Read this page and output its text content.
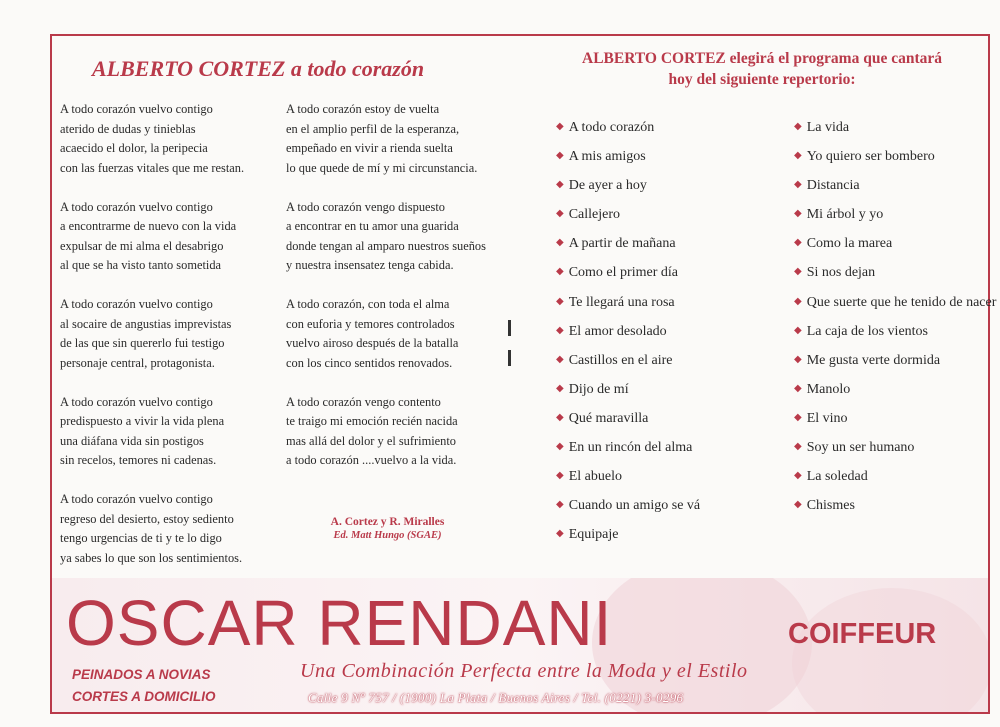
ALBERTO CORTEZ a todo corazón
A todo corazón vuelvo contigo
aterido de dudas y tinieblas
acaecido el dolor, la peripecia
con las fuerzas vitales que me restan.
A todo corazón vuelvo contigo
a encontrarme de nuevo con la vida
expulsar de mi alma el desabrigo
al que se ha visto tanto sometida
A todo corazón vuelvo contigo
al socaire de angustias imprevistas
de las que sin quererlo fui testigo
personaje central, protagonista.
A todo corazón vuelvo contigo
predispuesto a vivir la vida plena
una diáfana vida sin postigos
sin recelos, temores ni cadenas.
A todo corazón vuelvo contigo
regreso del desierto, estoy sediento
tengo urgencias de ti y te lo digo
ya sabes lo que son los sentimientos.
A todo corazón estoy de vuelta
en el amplio perfil de la esperanza,
empeñado en vivir a rienda suelta
lo que quede de mí y mi circunstancia.
A todo corazón vengo dispuesto
a encontrar en tu amor una guarida
donde tengan al amparo nuestros sueños
y nuestra insensatez tenga cabida.
A todo corazón, con toda el alma
con euforia y temores controlados
vuelvo airoso después de la batalla
con los cinco sentidos renovados.
A todo corazón vengo contento
te traigo mi emoción recién nacida
mas allá del dolor y el sufrimiento
a todo corazón ....vuelvo a la vida.
A. Cortez y R. Miralles
Ed. Matt Hungo (SGAE)
ALBERTO CORTEZ elegirá el programa que cantará
hoy del siguiente repertorio:
◆ A todo corazón
◆ A mis amigos
◆ De ayer a hoy
◆ Callejero
◆ A partir de mañana
◆ Como el primer día
◆ Te llegará una rosa
◆ El amor desolado
◆ Castillos en el aire
◆ Dijo de mí
◆ Qué maravilla
◆ En un rincón del alma
◆ El abuelo
◆ Cuando un amigo se vá
◆ Equipaje
◆ La vida
◆ Yo quiero ser bombero
◆ Distancia
◆ Mi árbol y yo
◆ Como la marea
◆ Si nos dejan
◆ Que suerte que he tenido de nacer
◆ La caja de los vientos
◆ Me gusta verte dormida
◆ Manolo
◆ El vino
◆ Soy un ser humano
◆ La soledad
◆ Chismes
OSCAR RENDANI	COIFFEUR
PEINADOS A NOVIAS
CORTES A DOMICILIO
Una Combinación Perfecta entre la Moda y el Estilo
Calle 9 Nº 757 / (1900) La Plata / Buenos Aires / Tel. (0221) 3-0296
